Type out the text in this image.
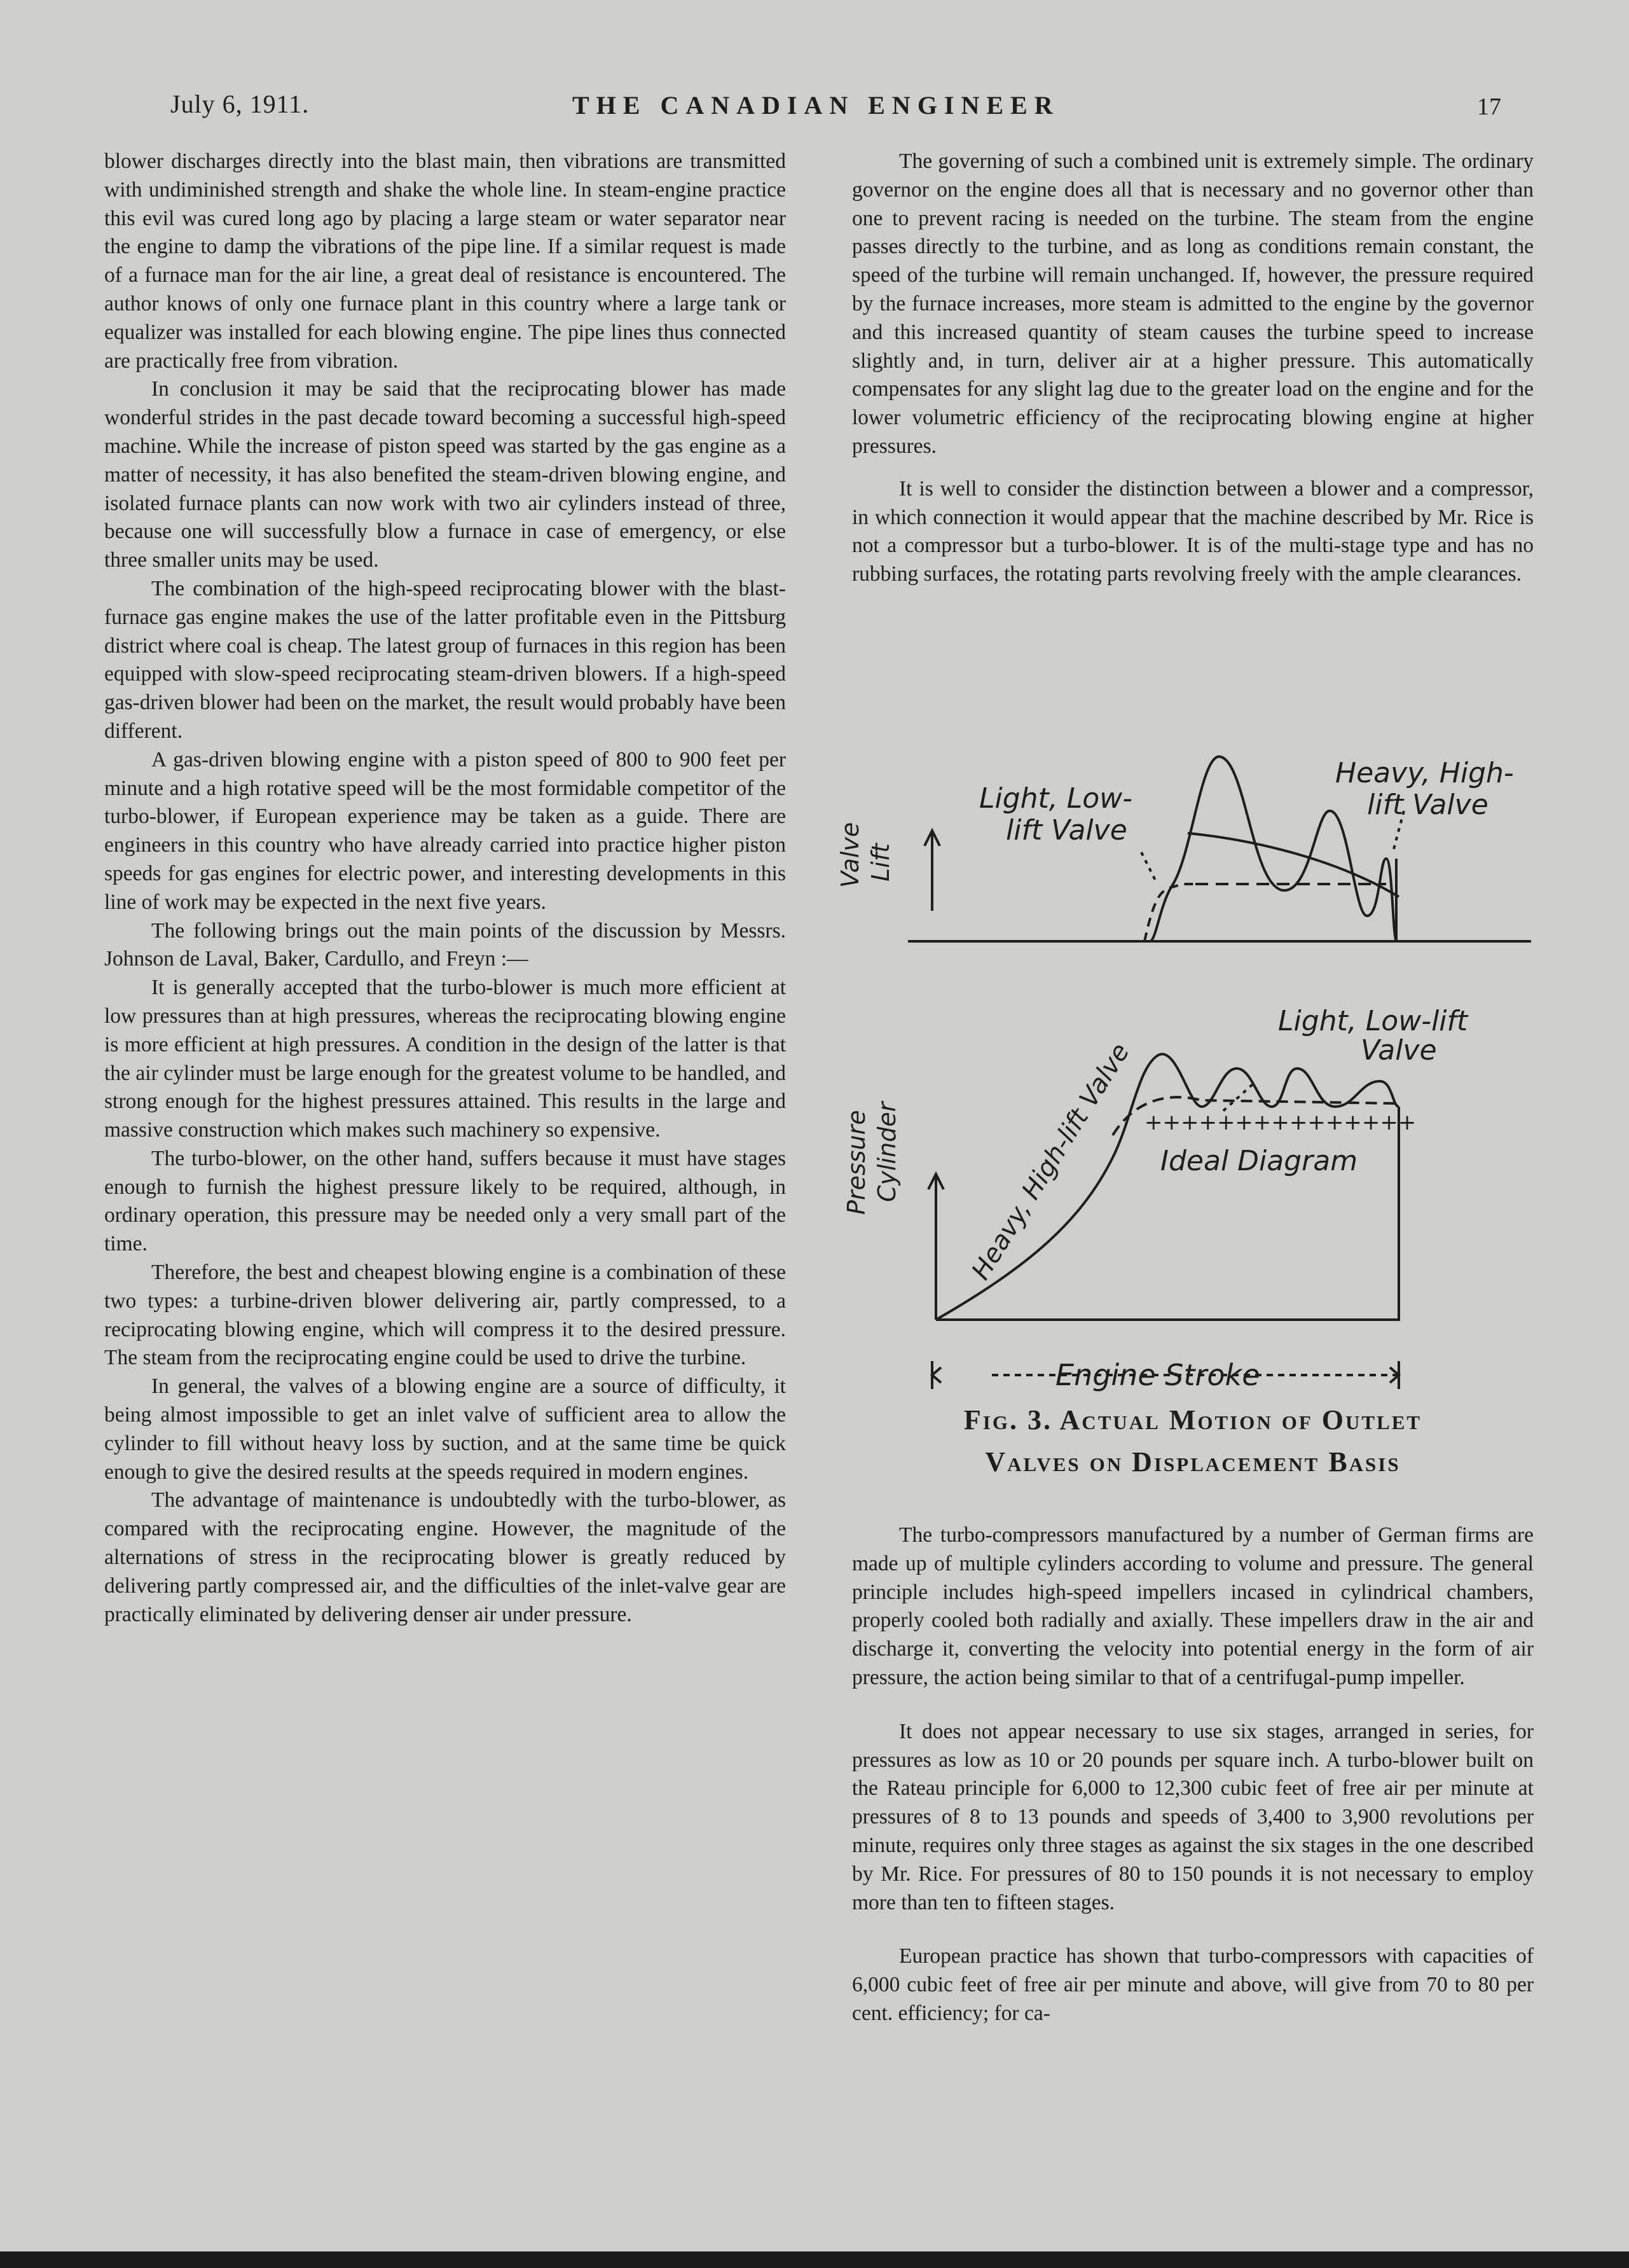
July 6, 1911.	THE CANADIAN ENGINEER	17

blower discharges directly into the blast main, then vibrations are transmitted with undiminished strength and shake the whole line. In steam-engine practice this evil was cured long ago by placing a large steam or water separator near the engine to damp the vibrations of the pipe line. If a similar request is made of a furnace man for the air line, a great deal of resistance is encountered. The author knows of only one furnace plant in this country where a large tank or equalizer was installed for each blowing engine. The pipe lines thus connected are practically free from vibration.

In conclusion it may be said that the reciprocating blower has made wonderful strides in the past decade toward becoming a successful high-speed machine. While the increase of piston speed was started by the gas engine as a matter of necessity, it has also benefited the steam-driven blowing engine, and isolated furnace plants can now work with two air cylinders instead of three, because one will successfully blow a furnace in case of emergency, or else three smaller units may be used.

The combination of the high-speed reciprocating blower with the blast-furnace gas engine makes the use of the latter profitable even in the Pittsburg district where coal is cheap. The latest group of furnaces in this region has been equipped with slow-speed reciprocating steam-driven blowers. If a high-speed gas-driven blower had been on the market, the result would probably have been different.

A gas-driven blowing engine with a piston speed of 800 to 900 feet per minute and a high rotative speed will be the most formidable competitor of the turbo-blower, if European experience may be taken as a guide. There are engineers in this country who have already carried into practice higher piston speeds for gas engines for electric power, and interesting developments in this line of work may be expected in the next five years.

The following brings out the main points of the discussion by Messrs. Johnson de Laval, Baker, Cardullo, and Freyn :—

It is generally accepted that the turbo-blower is much more efficient at low pressures than at high pressures, whereas the reciprocating blowing engine is more efficient at high pressures. A condition in the design of the latter is that the air cylinder must be large enough for the greatest volume to be handled, and strong enough for the highest pressures attained. This results in the large and massive construction which makes such machinery so expensive.

The turbo-blower, on the other hand, suffers because it must have stages enough to furnish the highest pressure likely to be required, although, in ordinary operation, this pressure may be needed only a very small part of the time.

Therefore, the best and cheapest blowing engine is a combination of these two types: a turbine-driven blower delivering air, partly compressed, to a reciprocating blowing engine, which will compress it to the desired pressure. The steam from the reciprocating engine could be used to drive the turbine.

In general, the valves of a blowing engine are a source of difficulty, it being almost impossible to get an inlet valve of sufficient area to allow the cylinder to fill without heavy loss by suction, and at the same time be quick enough to give the desired results at the speeds required in modern engines.

The advantage of maintenance is undoubtedly with the turbo-blower, as compared with the reciprocating engine. However, the magnitude of the alternations of stress in the reciprocating blower is greatly reduced by delivering partly compressed air, and the difficulties of the inlet-valve gear are practically eliminated by delivering denser air under pressure.

The governing of such a combined unit is extremely simple. The ordinary governor on the engine does all that is necessary and no governor other than one to prevent racing is needed on the turbine. The steam from the engine passes directly to the turbine, and as long as conditions remain constant, the speed of the turbine will remain unchanged. If, however, the pressure required by the furnace increases, more steam is admitted to the engine by the governor and this increased quantity of steam causes the turbine speed to increase slightly and, in turn, deliver air at a higher pressure. This automatically compensates for any slight lag due to the greater load on the engine and for the lower volumetric efficiency of the reciprocating blowing engine at higher pressures.

It is well to consider the distinction between a blower and a compressor, in which connection it would appear that the machine described by Mr. Rice is not a compressor but a turbo-blower. It is of the multi-stage type and has no rubbing surfaces, the rotating parts revolving freely with the ample clearances.

+++++++++++++++
Valve Lift
Light, Low-
lift Valve
Heavy, High-
lift Valve
Pressure Cylinder
Light, Low-lift
Valve
Heavy, High-lift Valve Ideal Diagram
Engine Stroke
Fig. 3. Actual Motion of Outlet
Valves on Displacement Basis

The turbo-compressors manufactured by a number of German firms are made up of multiple cylinders according to volume and pressure. The general principle includes high-speed impellers incased in cylindrical chambers, properly cooled both radially and axially. These impellers draw in the air and discharge it, converting the velocity into potential energy in the form of air pressure, the action being similar to that of a centrifugal-pump impeller.

It does not appear necessary to use six stages, arranged in series, for pressures as low as 10 or 20 pounds per square inch. A turbo-blower built on the Rateau principle for 6,000 to 12,300 cubic feet of free air per minute at pressures of 8 to 13 pounds and speeds of 3,400 to 3,900 revolutions per minute, requires only three stages as against the six stages in the one described by Mr. Rice. For pressures of 80 to 150 pounds it is not necessary to employ more than ten to fifteen stages.

European practice has shown that turbo-compressors with capacities of 6,000 cubic feet of free air per minute and above, will give from 70 to 80 per cent. efficiency; for ca-
